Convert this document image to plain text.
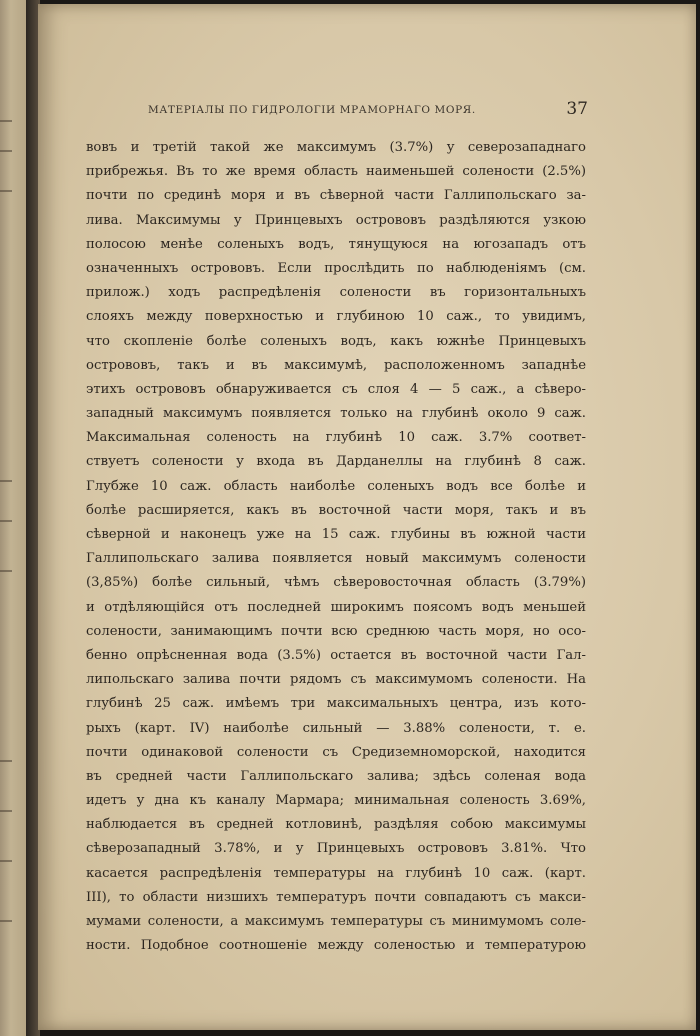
МАТЕРIАЛЫ ПО ГИДРОЛОГIИ МРАМОРНАГО МОРЯ.	37
вовъ и третiй такой же максимумъ (3.7%) у северозападнаго
прибрежья. Въ то же время область наименьшей солености (2.5%)
почти по срединѣ моря и въ сѣверной части Галлипольскаго за-
лива. Максимумы у Принцевыхъ острововъ раздѣляются узкою
полосою менѣе соленыхъ водъ, тянущуюся на югозападъ отъ
означенныхъ острововъ. Если прослѣдить по наблюденiямъ (см.
прилож.) ходъ распредѣленiя солености въ горизонтальныхъ
слояхъ между поверхностью и глубиною 10 саж., то увидимъ,
что скопленiе болѣе соленыхъ водъ, какъ южнѣе Принцевыхъ
острововъ, такъ и въ максимумѣ, расположенномъ западнѣе
этихъ острововъ обнаруживается съ слоя 4 — 5 саж., а сѣверо-
западный максимумъ появляется только на глубинѣ около 9 саж.
Максимальная соленость на глубинѣ 10 саж. 3.7% соответ-
ствуетъ солености у входа въ Дарданеллы на глубинѣ 8 саж.
Глубже 10 саж. область наиболѣе соленыхъ водъ все болѣе и
болѣе расширяется, какъ въ восточной части моря, такъ и въ
сѣверной и наконецъ уже на 15 саж. глубины въ южной части
Галлипольскаго залива появляется новый максимумъ солености
(3,85%) болѣе сильный, чѣмъ сѣверовосточная область (3.79%)
и отдѣляющiйся отъ последней широкимъ поясомъ водъ меньшей
солености, занимающимъ почти всю среднюю часть моря, но осо-
бенно опрѣсненная вода (3.5%) остается въ восточной части Гал-
липольскаго залива почти рядомъ съ максимумомъ солености. На
глубинѣ 25 саж. имѣемъ три максимальныхъ центра, изъ кото-
рыхъ (карт. IV) наиболѣе сильный — 3.88% солености, т. е.
почти одинаковой солености съ Средиземноморской, находится
въ средней части Галлипольскаго залива; здѣсь соленая вода
идетъ у дна къ каналу Мармара; минимальная соленость 3.69%,
наблюдается въ средней котловинѣ, раздѣляя собою максимумы
сѣверозападный 3.78%, и у Принцевыхъ острововъ 3.81%. Что
касается распредѣленiя температуры на глубинѣ 10 саж. (карт.
III), то области низшихъ температуръ почти совпадаютъ съ макси-
мумами солености, а максимумъ температуры съ минимумомъ соле-
ности. Подобное соотношенiе между соленостью и температурою
